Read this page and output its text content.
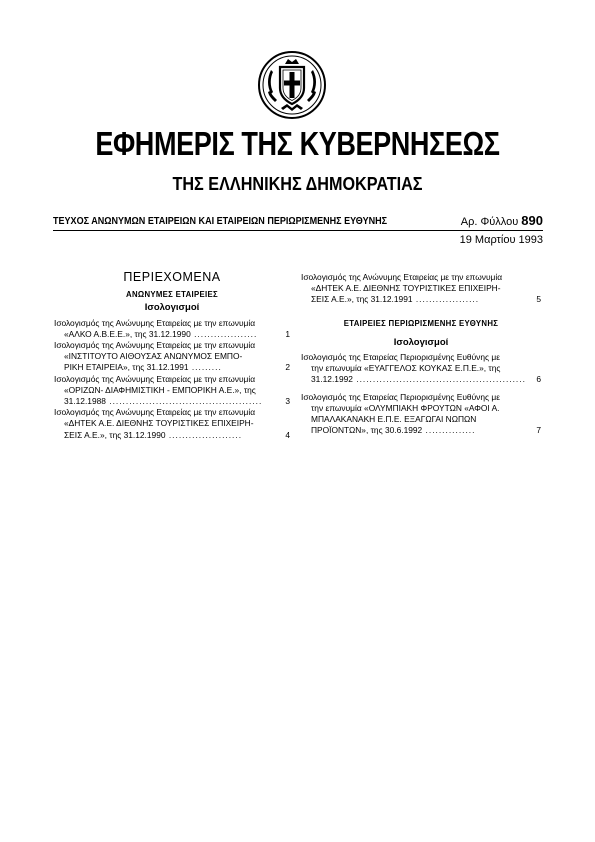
ΕΦΗΜΕΡΙΣ ΤΗΣ ΚΥΒΕΡΝΗΣΕΩΣ
ΤΗΣ ΕΛΛΗΝΙΚΗΣ ΔΗΜΟΚΡΑΤΙΑΣ
ΤΕΥΧΟΣ ΑΝΩΝΥΜΩΝ ΕΤΑΙΡΕΙΩΝ ΚΑΙ ΕΤΑΙΡΕΙΩΝ ΠΕΡΙΩΡΙΣΜΕΝΗΣ ΕΥΘΥΝΗΣ	Αρ. Φύλλου 890
19 Μαρτίου 1993
ΠΕΡΙΕΧΟΜΕΝΑ
ΑΝΩΝΥΜΕΣ ΕΤΑΙΡΕΙΕΣ
Ισολογισμοί
Ισολογισμός της Ανώνυμης Εταιρείας με την επωνυμία
«ΑΛΚΟ Α.Β.Ε.Ε.», της 31.12.1990 ...................	1
Ισολογισμός της Ανώνυμης Εταιρείας με την επωνυμία
«ΙΝΣΤΙΤΟΥΤΟ ΑΙΘΟΥΣΑΣ ΑΝΩΝΥΜΟΣ ΕΜΠΟ-
ΡΙΚΗ ΕΤΑΙΡΕΙΑ», της 31.12.1991 .........	2
Ισολογισμός της Ανώνυμης Εταιρείας με την επωνυμία
«ΟΡΙΖΩΝ- ΔΙΑΦΗΜΙΣΤΙΚΗ - ΕΜΠΟΡΙΚΗ Α.Ε.», της
31.12.1988 ..............................................	3
Ισολογισμός της Ανώνυμης Εταιρείας με την επωνυμία
«ΔΗΤΕΚ Α.Ε. ΔΙΕΘΝΗΣ ΤΟΥΡΙΣΤΙΚΕΣ ΕΠΙΧΕΙΡΗ-
ΣΕΙΣ Α.Ε.», της 31.12.1990 ......................	4
Ισολογισμός της Ανώνυμης Εταιρείας με την επωνυμία
«ΔΗΤΕΚ Α.Ε. ΔΙΕΘΝΗΣ ΤΟΥΡΙΣΤΙΚΕΣ ΕΠΙΧΕΙΡΗ-
ΣΕΙΣ Α.Ε.», της 31.12.1991 ...................	5
ΕΤΑΙΡΕΙΕΣ ΠΕΡΙΩΡΙΣΜΕΝΗΣ ΕΥΘΥΝΗΣ
Ισολογισμοί
Ισολογισμός της Εταιρείας Περιορισμένης Ευθύνης με
την επωνυμία «ΕΥΑΓΓΕΛΟΣ ΚΟΥΚΑΣ Ε.Π.Ε.», της
31.12.1992 ...................................................	6
Ισολογισμός της Εταιρείας Περιορισμένης Ευθύνης με
την επωνυμία «ΟΛΥΜΠΙΑΚΗ ΦΡΟΥΤΩΝ «ΑΦΟΙ Α.
ΜΠΑΛΑΚΑΝΑΚΗ Ε.Π.Ε. ΕΞΑΓΩΓΑΙ ΝΩΠΩΝ
ΠΡΟΪΟΝΤΩΝ», της 30.6.1992 ...............	7
